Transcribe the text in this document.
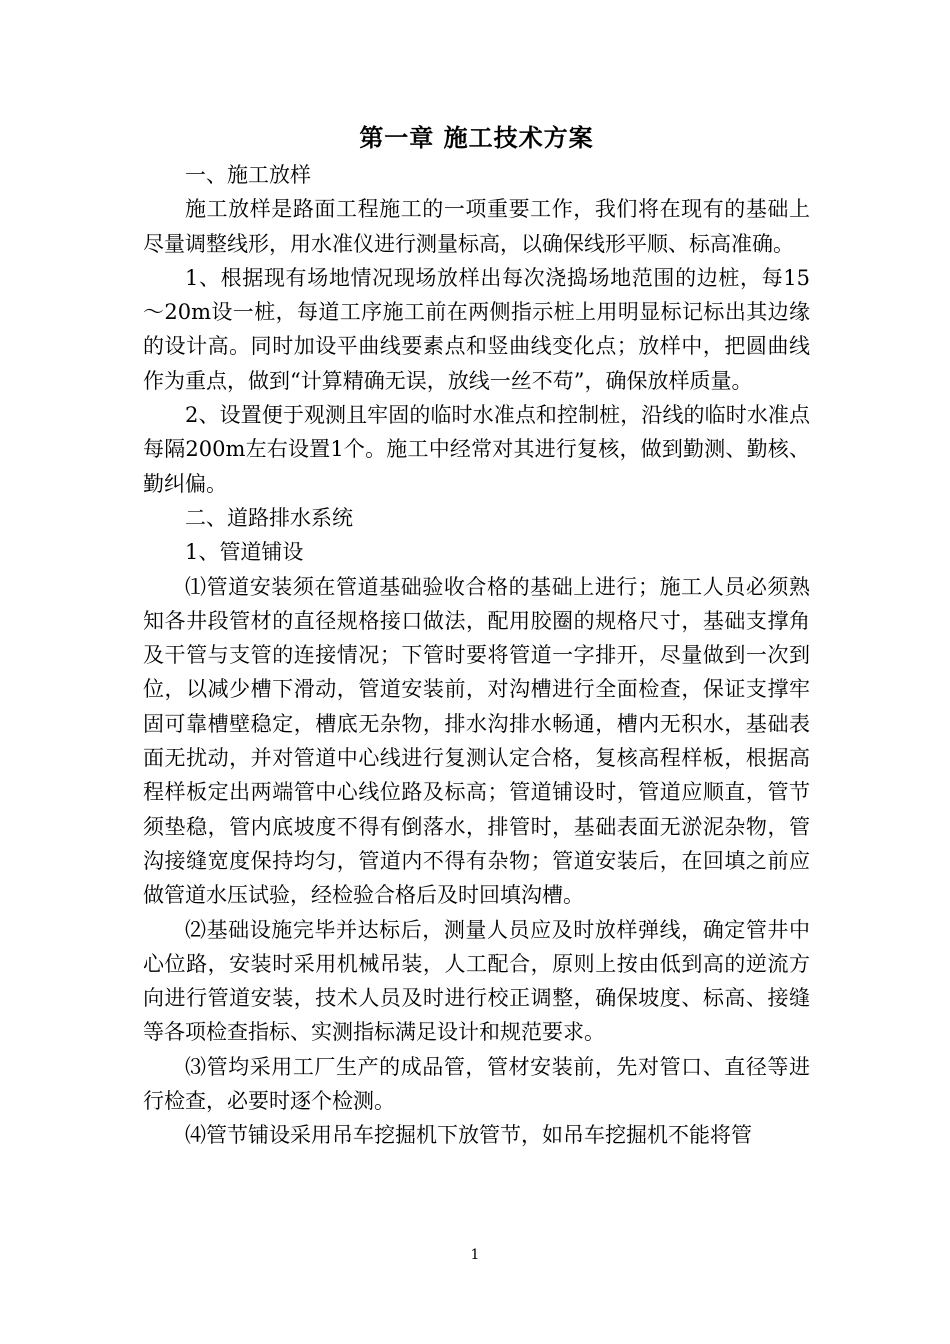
第一章 施工技术方案

一、施工放样

施工放样是路面工程施工的一项重要工作，我们将在现有的基础上尽量调整线形，用水准仪进行测量标高，以确保线形平顺、标高准确。

1、根据现有场地情况现场放样出每次浇捣场地范围的边桩，每15～20m设一桩，每道工序施工前在两侧指示桩上用明显标记标出其边缘的设计高。同时加设平曲线要素点和竖曲线变化点；放样中，把圆曲线作为重点，做到“计算精确无误，放线一丝不苟”，确保放样质量。

2、设置便于观测且牢固的临时水准点和控制桩，沿线的临时水准点每隔200m左右设置1个。施工中经常对其进行复核，做到勤测、勤核、勤纠偏。

二、道路排水系统

1、管道铺设

⑴管道安装须在管道基础验收合格的基础上进行；施工人员必须熟知各井段管材的直径规格接口做法，配用胶圈的规格尺寸，基础支撑角及干管与支管的连接情况；下管时要将管道一字排开，尽量做到一次到位，以减少槽下滑动，管道安装前，对沟槽进行全面检查，保证支撑牢固可靠槽壁稳定，槽底无杂物，排水沟排水畅通，槽内无积水，基础表面无扰动，并对管道中心线进行复测认定合格，复核高程样板，根据高程样板定出两端管中心线位路及标高；管道铺设时，管道应顺直，管节须垫稳，管内底坡度不得有倒落水，排管时，基础表面无淤泥杂物，管沟接缝宽度保持均匀，管道内不得有杂物；管道安装后，在回填之前应做管道水压试验，经检验合格后及时回填沟槽。

⑵基础设施完毕并达标后，测量人员应及时放样弹线，确定管井中心位路，安装时采用机械吊装，人工配合，原则上按由低到高的逆流方向进行管道安装，技术人员及时进行校正调整，确保坡度、标高、接缝等各项检查指标、实测指标满足设计和规范要求。

⑶管均采用工厂生产的成品管，管材安装前，先对管口、直径等进行检查，必要时逐个检测。

⑷管节铺设采用吊车挖掘机下放管节，如吊车挖掘机不能将管

1
